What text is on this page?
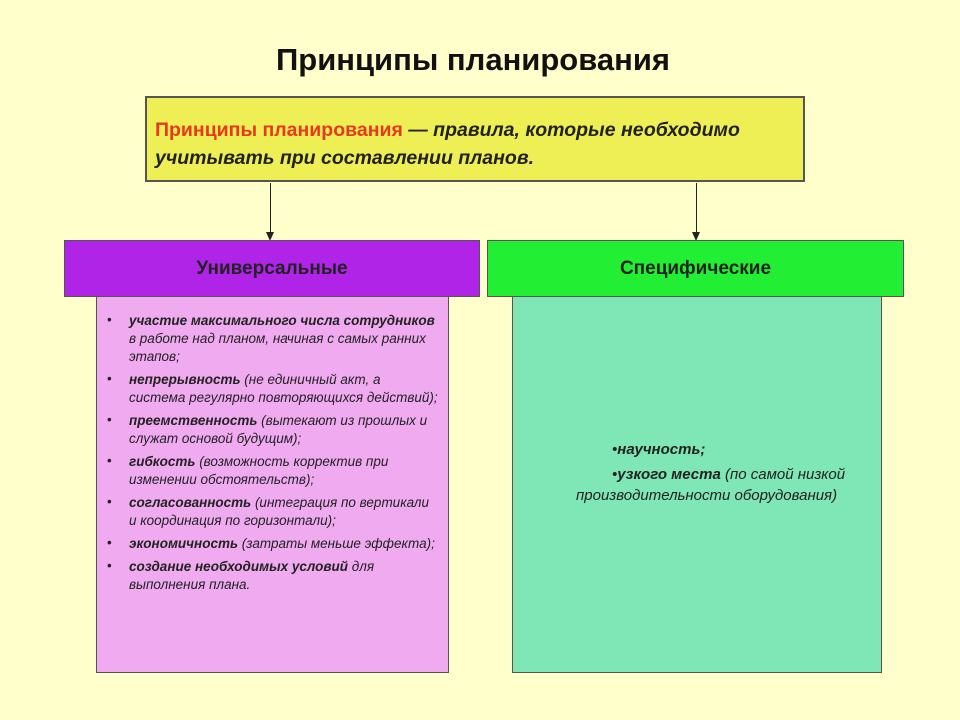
Принципы планирования
Принципы планирования — правила, которые необходимо учитывать при составлении планов.
Универсальные	Специфические
• участие максимального числа сотрудников в работе над планом, начиная с самых ранних этапов;
• непрерывность (не единичный акт, а система регулярно повторяющихся действий);
• преемственность (вытекают из прошлых и служат основой будущим);
• гибкость (возможность корректив при изменении обстоятельств);
• согласованность (интеграция по вертикали и координация по горизонтали);
• экономичность (затраты меньше эффекта);
• создание необходимых условий для выполнения плана.

•научность;

•узкого места (по самой низкой производительности оборудования)
